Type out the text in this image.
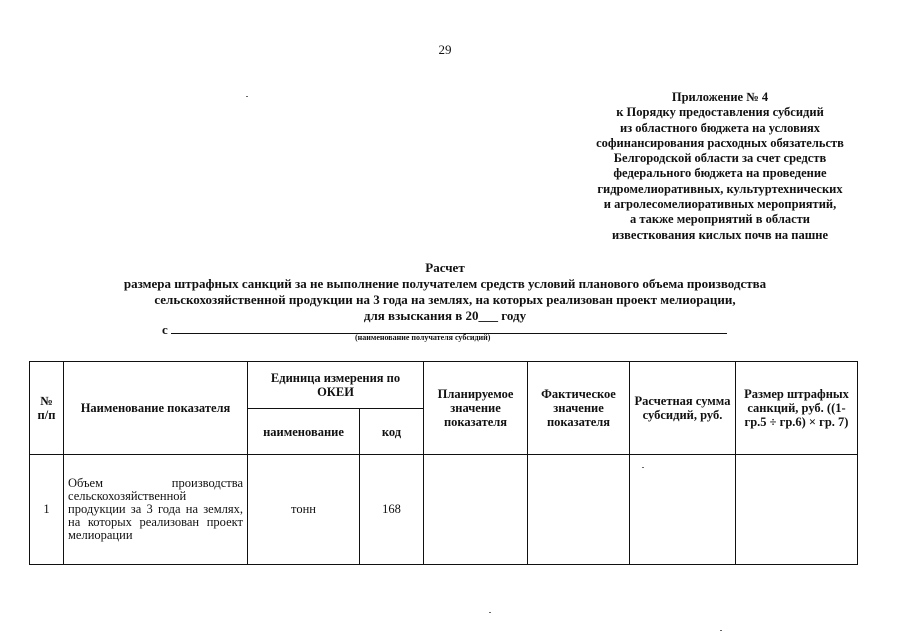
29
Приложение № 4
к Порядку предоставления субсидий
из областного бюджета на условиях
софинансирования расходных обязательств
Белгородской области за счет средств
федерального бюджета на проведение
гидромелиоративных, культуртехнических
и агролесомелиоративных мероприятий,
а также мероприятий в области
известкования кислых почв на пашне
Расчет
размера штрафных санкций за не выполнение получателем средств условий планового объема производства
сельскохозяйственной продукции на 3 года на землях, на которых реализован проект мелиорации,
для взыскания в 20___ году
с
(наименование получателя субсидий)
№ п/п	Наименование показателя	Единица измерения по ОКЕИ		Планируемое значение показателя	Фактическое значение показателя	Расчетная сумма субсидий, руб.	Размер штрафных санкций, руб. ((1-гр.5 ÷ гр.6) × гр. 7)
		наименование	код				
1	Объем производства сельскохозяйственной продукции за 3 года на землях, на которых реализован проект мелиорации	тонн	168				
